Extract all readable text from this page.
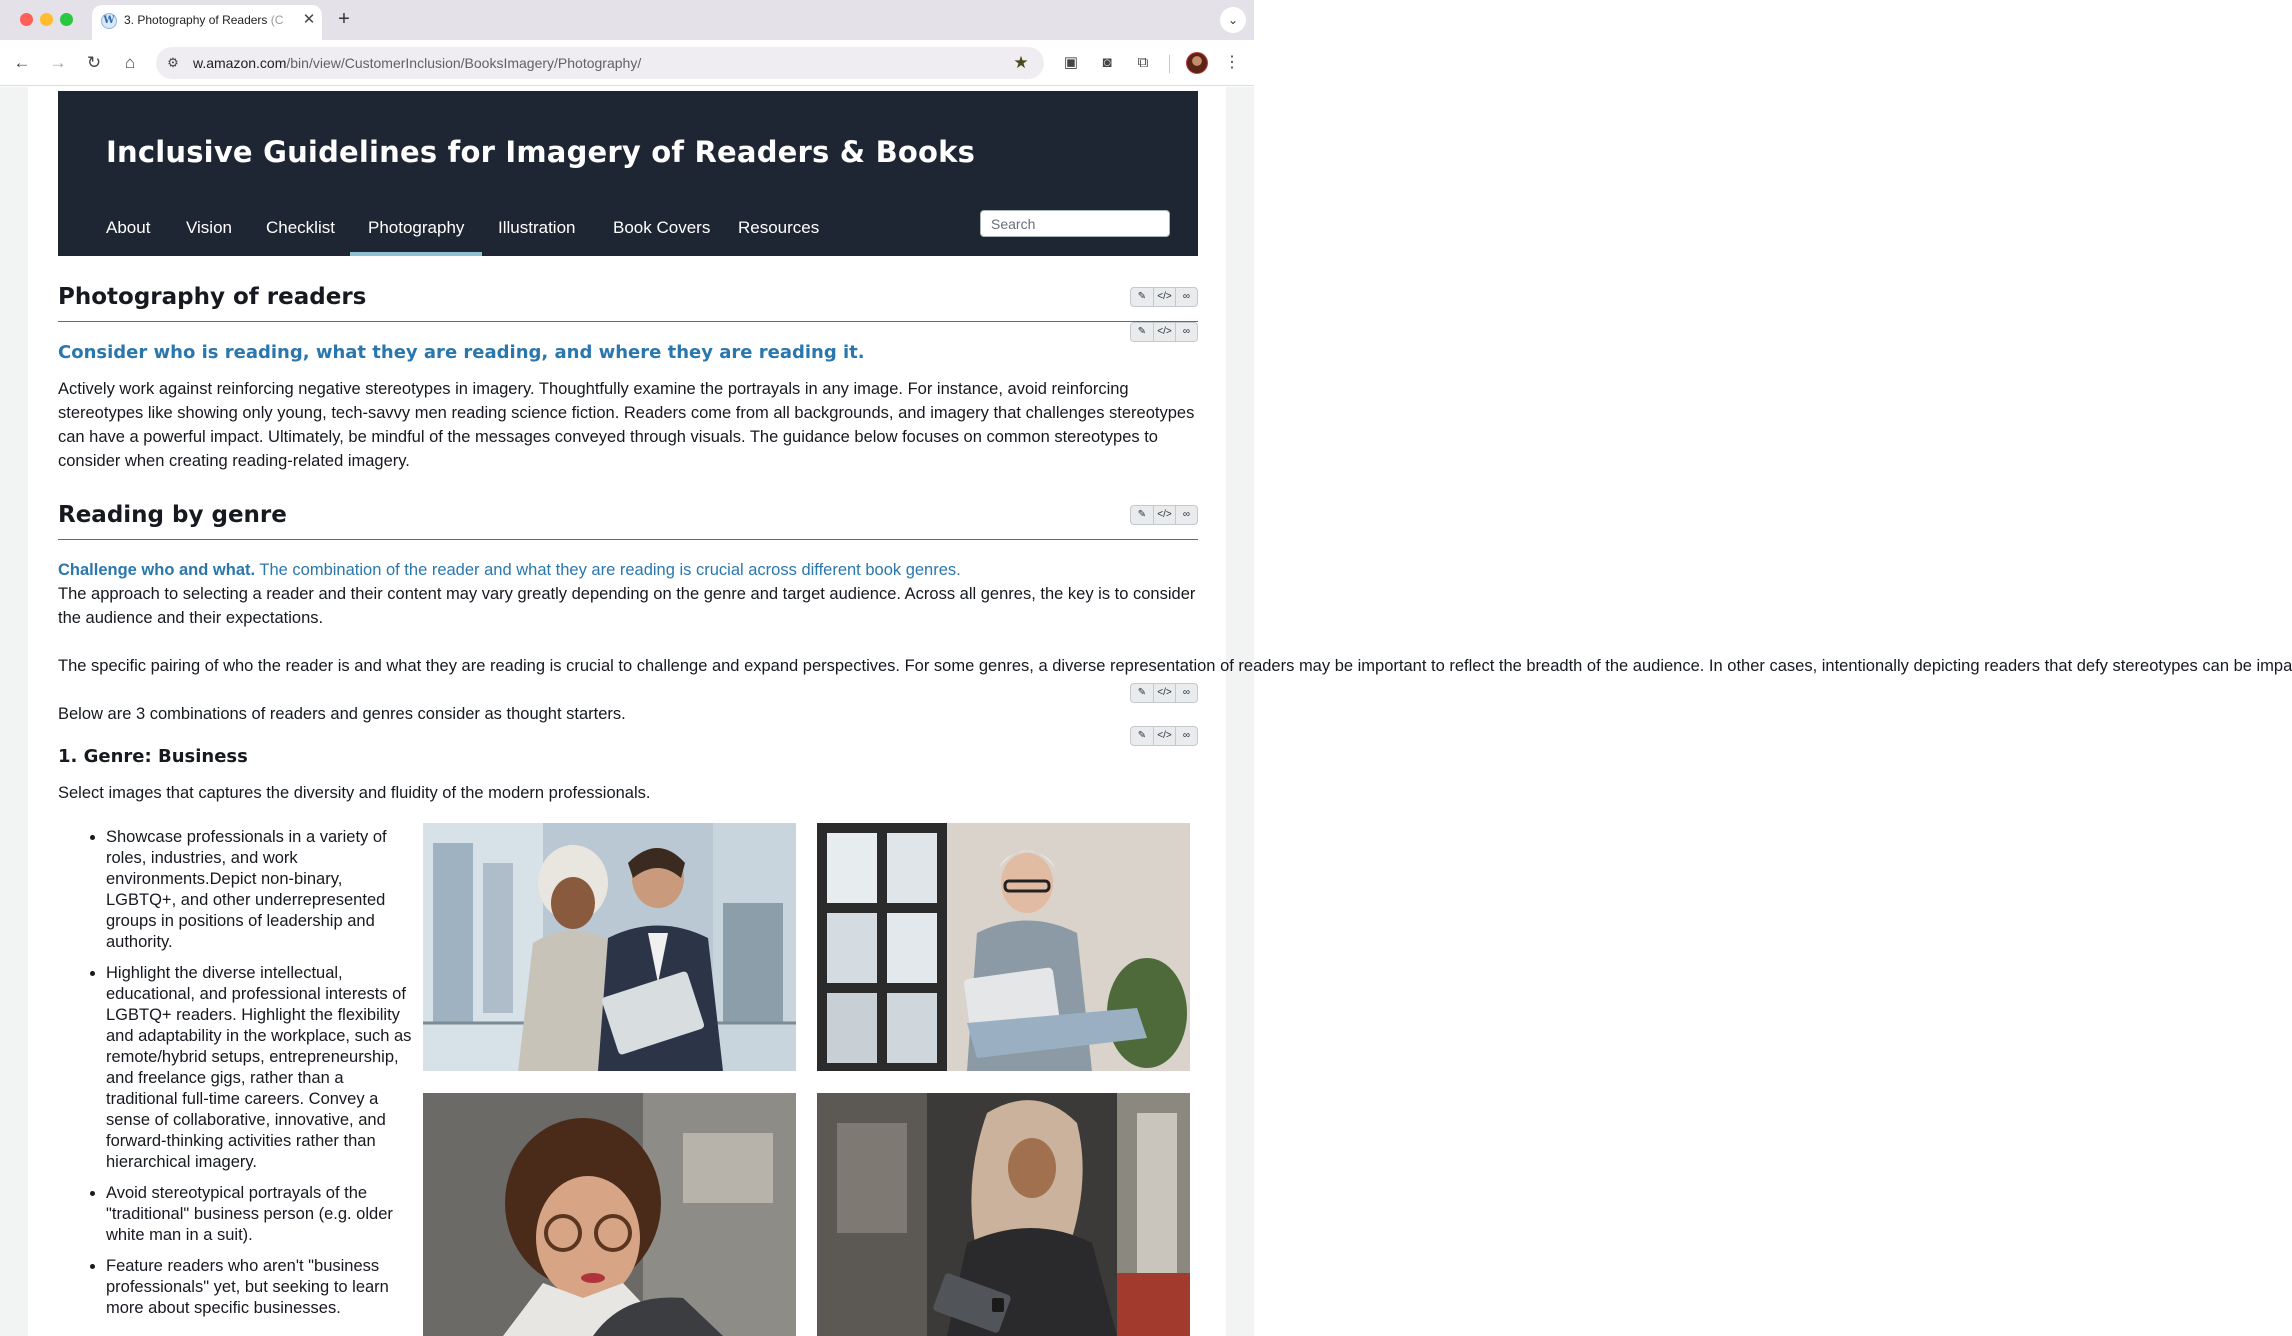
W 3. Photography of Readers (C	✕ +	⌄
← → ↻	⌂	⚙ w.amazon.com/bin/view/CustomerInclusion/BooksImagery/Photography/	★ ▣	◙	⧉	⋮
Inclusive Guidelines for Imagery of Readers & Books
About Vision Checklist Photography Illustration Book Covers Resources
Search
Photography of readers	✎	</>	∞
✎	</>	∞
Consider who is reading, what they are reading, and where they are reading it.
Actively work against reinforcing negative stereotypes in imagery. Thoughtfully examine the portrayals in any image. For instance, avoid reinforcing stereotypes like showing only young, tech-savvy men reading science fiction. Readers come from all backgrounds, and imagery that challenges stereotypes can have a powerful impact. Ultimately, be mindful of the messages conveyed through visuals. The guidance below focuses on common stereotypes to consider when creating reading-related imagery.
Reading by genre	✎	</>	∞
Challenge who and what. The combination of the reader and what they are reading is crucial across different book genres.
The approach to selecting a reader and their content may vary greatly depending on the genre and target audience. Across all genres, the key is to consider the audience and their expectations.
The specific pairing of who the reader is and what they are reading is crucial to challenge and expand perspectives. For some genres, a diverse representation of readers may be important to reflect the breadth of the audience. In other cases, intentionally depicting readers that defy stereotypes can be impa
✎	</>	∞
Below are 3 combinations of readers and genres consider as thought starters.
1. Genre: Business
✎	</>	∞
Select images that captures the diversity and fluidity of the modern professionals.
• Showcase professionals in a variety of roles, industries, and work environments.Depict non-binary, LGBTQ+, and other underrepresented groups in positions of leadership and authority.
• Highlight the diverse intellectual, educational, and professional interests of LGBTQ+ readers. Highlight the flexibility and adaptability in the workplace, such as remote/hybrid setups, entrepreneurship, and freelance gigs, rather than a traditional full-time careers. Convey a sense of collaborative, innovative, and forward-thinking activities rather than hierarchical imagery.
• Avoid stereotypical portrayals of the "traditional" business person (e.g. older white man in a suit).
• Feature readers who aren't "business professionals" yet, but seeking to learn more about specific businesses.
